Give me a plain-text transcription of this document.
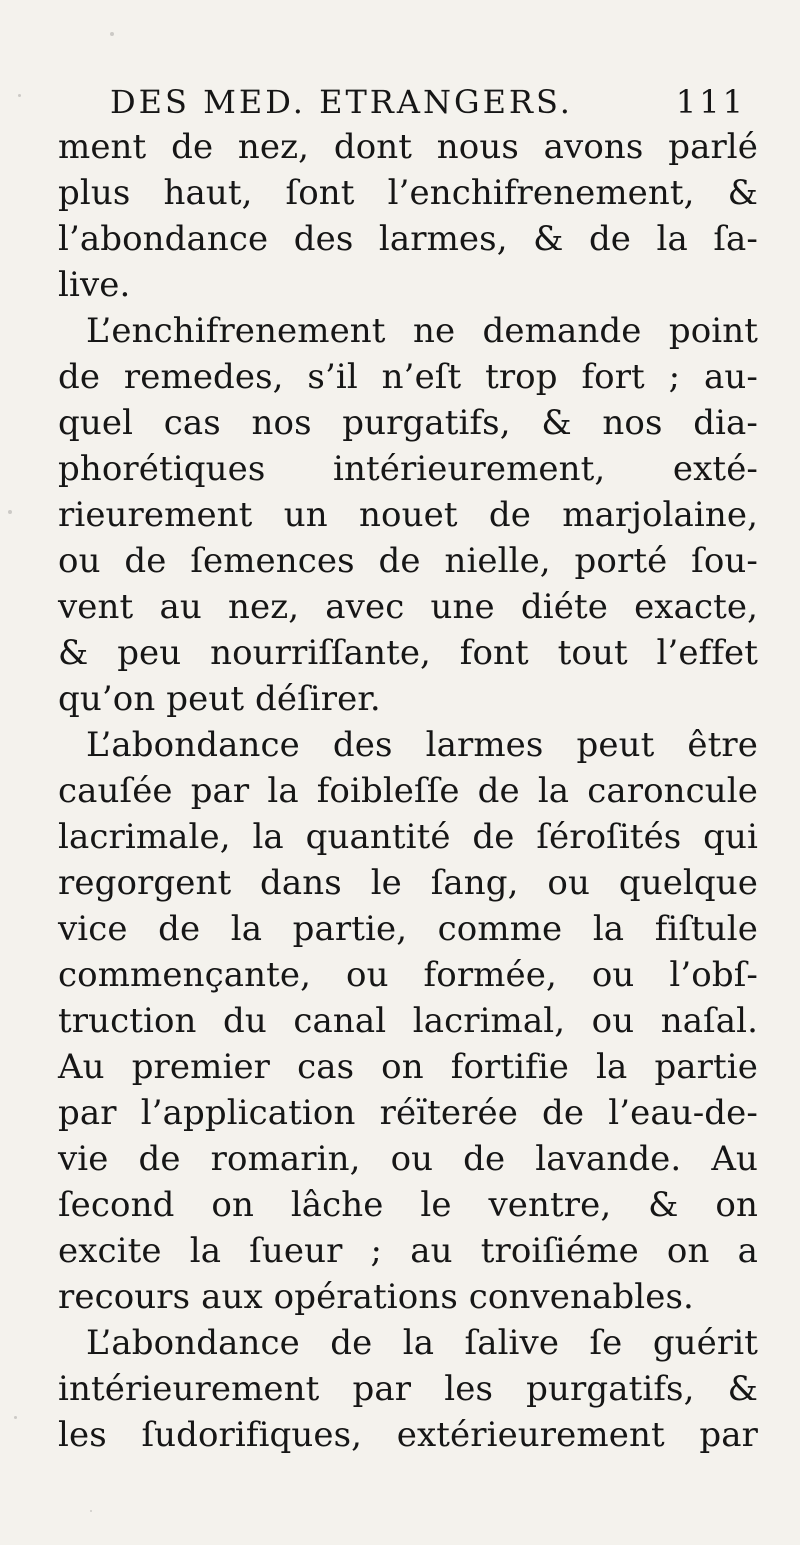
DES MED. ETRANGERS.	111
ment de nez, dont nous avons parlé
plus haut, ſont l’enchifrenement, &
l’abondance des larmes, & de la ſa-
live.
L’enchifrenement ne demande point
de remedes, s’il n’eſt trop fort ; au-
quel cas nos purgatifs, & nos dia-
phorétiques intérieurement, exté-
rieurement un nouet de marjolaine,
ou de ſemences de nielle, porté ſou-
vent au nez, avec une diéte exacte,
& peu nourriſſante, font tout l’effet
qu’on peut déſirer.
L’abondance des larmes peut être
cauſée par la foibleſſe de la caroncule
lacrimale, la quantité de ſéroſités qui
regorgent dans le ſang, ou quelque
vice de la partie, comme la fiſtule
commençante, ou formée, ou l’obſ-
truction du canal lacrimal, ou naſal.
Au premier cas on fortifie la partie
par l’application réïterée de l’eau-de-
vie de romarin, ou de lavande. Au
ſecond on lâche le ventre, & on
excite la ſueur ; au troiſiéme on a
recours aux opérations convenables.
L’abondance de la ſalive ſe guérit
intérieurement par les purgatifs, &
les ſudorifiques, extérieurement par
